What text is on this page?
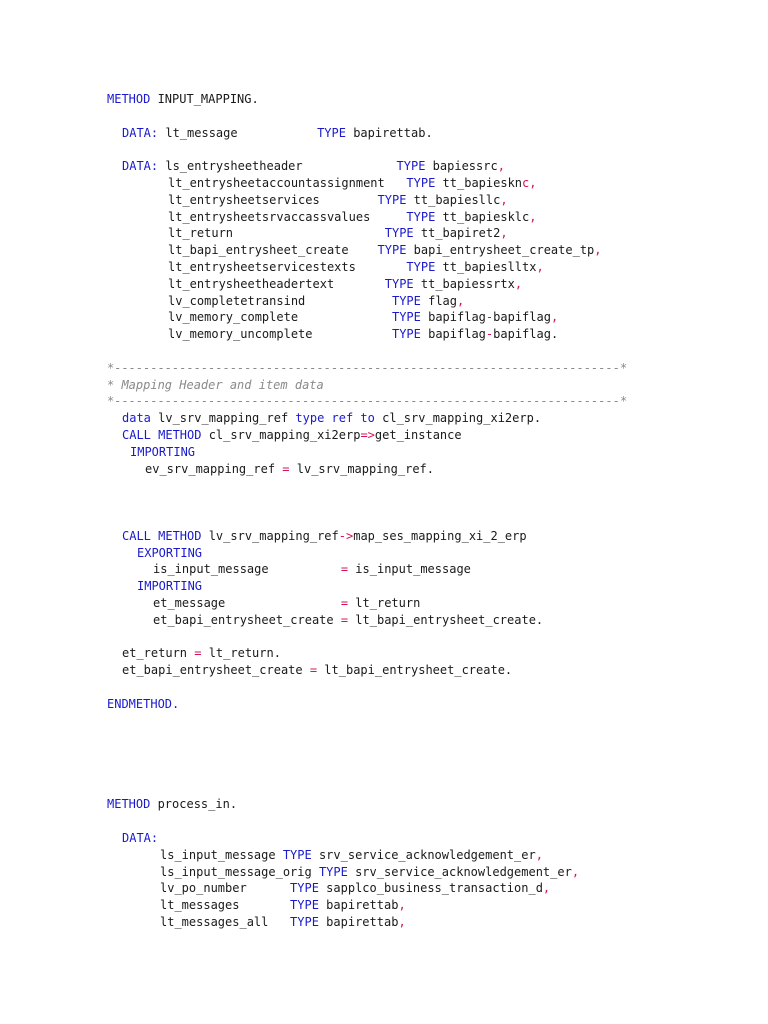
METHOD INPUT_MAPPING.
DATA: lt_message           TYPE bapirettab.
DATA: ls_entrysheetheader             TYPE bapiessrc,
lt_entrysheetaccountassignment   TYPE tt_bapiesknc,
lt_entrysheetservices        TYPE tt_bapiesllc,
lt_entrysheetsrvaccassvalues     TYPE tt_bapiesklc,
lt_return                     TYPE tt_bapiret2,
lt_bapi_entrysheet_create    TYPE bapi_entrysheet_create_tp,
lt_entrysheetservicestexts       TYPE tt_bapieslltx,
lt_entrysheetheadertext       TYPE tt_bapiessrtx,
lv_completetransind            TYPE flag,
lv_memory_complete             TYPE bapiflag-bapiflag,
lv_memory_uncomplete           TYPE bapiflag-bapiflag.
*----------------------------------------------------------------------*
* Mapping Header and item data
*----------------------------------------------------------------------*
data lv_srv_mapping_ref type ref to cl_srv_mapping_xi2erp.
CALL METHOD cl_srv_mapping_xi2erp=>get_instance
IMPORTING
ev_srv_mapping_ref = lv_srv_mapping_ref.
CALL METHOD lv_srv_mapping_ref->map_ses_mapping_xi_2_erp
EXPORTING
is_input_message          = is_input_message
IMPORTING
et_message                = lt_return
et_bapi_entrysheet_create = lt_bapi_entrysheet_create.
et_return = lt_return.
et_bapi_entrysheet_create = lt_bapi_entrysheet_create.
ENDMETHOD.
METHOD process_in.
DATA:
ls_input_message TYPE srv_service_acknowledgement_er,
ls_input_message_orig TYPE srv_service_acknowledgement_er,
lv_po_number      TYPE sapplco_business_transaction_d,
lt_messages       TYPE bapirettab,
lt_messages_all   TYPE bapirettab,
